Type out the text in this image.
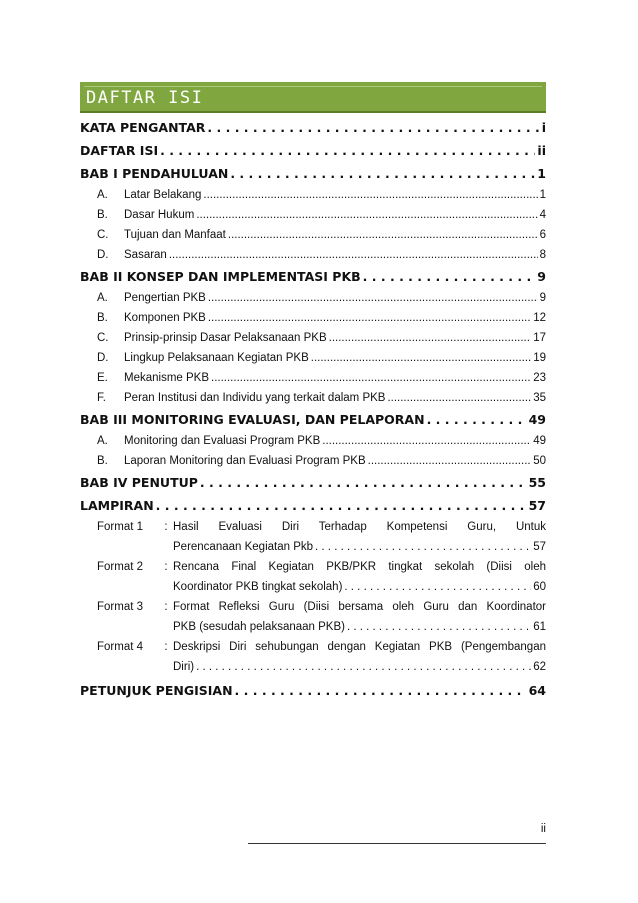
DAFTAR ISI
KATA PENGANTAR . . .	i
DAFTAR ISI . . .	ii
BAB I PENDAHULUAN . . .	1
A.	Latar Belakang .....	1
B.	Dasar Hukum .....	4
C.	Tujuan dan Manfaat .....	6
D.	Sasaran .....	8
BAB II KONSEP DAN IMPLEMENTASI PKB . . .	9
A.	Pengertian PKB .....	9
B.	Komponen PKB .....	12
C.	Prinsip-prinsip Dasar Pelaksanaan PKB .....	17
D.	Lingkup Pelaksanaan Kegiatan PKB .....	19
E.	Mekanisme PKB .....	23
F.	Peran Institusi dan Individu yang terkait dalam PKB .....	35
BAB III MONITORING EVALUASI, DAN PELAPORAN . . .	49
A.	Monitoring dan Evaluasi Program PKB .....	49
B.	Laporan Monitoring dan Evaluasi Program PKB .....	50
BAB IV PENUTUP . . .	55
LAMPIRAN . . .	57
Format 1	: Hasil Evaluasi Diri Terhadap Kompetensi Guru, Untuk
Perencanaan Kegiatan Pkb . . .	57
Format 2	: Rencana Final Kegiatan PKB/PKR tingkat sekolah (Diisi oleh
Koordinator PKB tingkat sekolah) . . .	60
Format 3	: Format Refleksi Guru (Diisi bersama oleh Guru dan Koordinator
PKB (sesudah pelaksanaan PKB) . . .	61
Format 4	: Deskripsi Diri sehubungan dengan Kegiatan PKB (Pengembangan
Diri) . . .	62
PETUNJUK PENGISIAN . . .	64
ii
